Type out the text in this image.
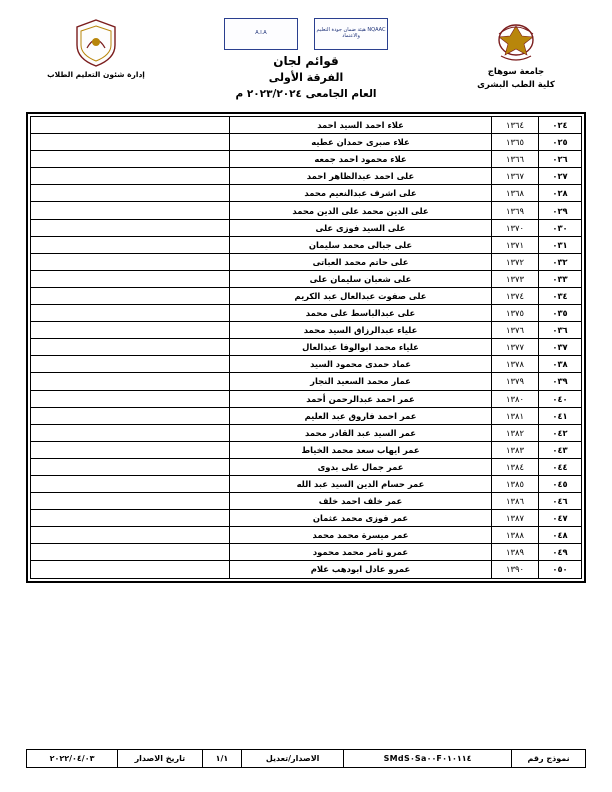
جامعة سوهاج
كلية الطب البشرى
NQAAC هيئة ضمان جودة التعليم والاعتماد
A.I.A
قوائم لجان
الفرقة الأولى
العام الجامعى ٢٠٢٣/٢٠٢٤ م
إدارة شئون التعليم الطلاب
٠٢٤	١٣٦٤	علاء احمد السيد احمد	
٠٢٥	١٣٦٥	علاء صبرى حمدان عطيه	
٠٢٦	١٣٦٦	علاء محمود احمد جمعه	
٠٢٧	١٣٦٧	على احمد عبدالظاهر احمد	
٠٢٨	١٣٦٨	على اشرف عبدالنعيم محمد	
٠٢٩	١٣٦٩	على الدين محمد على الدين محمد	
٠٣٠	١٣٧٠	على السيد فوزى على	
٠٣١	١٣٧١	على جبالى محمد سليمان	
٠٣٢	١٣٧٢	على حاتم محمد العباتى	
٠٣٣	١٣٧٣	على شعبان سليمان على	
٠٣٤	١٣٧٤	على صفوت عبدالعال عبد الكريم	
٠٣٥	١٣٧٥	على عبدالباسط على محمد	
٠٣٦	١٣٧٦	علياء عبدالرزاق السيد محمد	
٠٣٧	١٣٧٧	علياء محمد ابوالوفا عبدالعال	
٠٣٨	١٣٧٨	عماد حمدى محمود السيد	
٠٣٩	١٣٧٩	عمار محمد السعيد النجار	
٠٤٠	١٣٨٠	عمر احمد عبدالرحمن أحمد	
٠٤١	١٣٨١	عمر احمد فاروق عبد العليم	
٠٤٢	١٣٨٢	عمر السيد عبد القادر محمد	
٠٤٣	١٣٨٣	عمر ايهاب سعد محمد الخياط	
٠٤٤	١٣٨٤	عمر جمال على بدوى	
٠٤٥	١٣٨٥	عمر حسام الدين السيد عبد الله	
٠٤٦	١٣٨٦	عمر خلف احمد خلف	
٠٤٧	١٣٨٧	عمر فوزى محمد عثمان	
٠٤٨	١٣٨٨	عمر ميسرة محمد محمد	
٠٤٩	١٣٨٩	عمرو ثامر محمد محمود	
٠٥٠	١٣٩٠	عمرو عادل ابودهب علام	
نموذج رقم	SMdS٠Sa٠٠F٠١٠١١٤	الاصدار/تعديل	١/١	تاريخ الاصدار	٢٠٢٢/٠٤/٠٣
